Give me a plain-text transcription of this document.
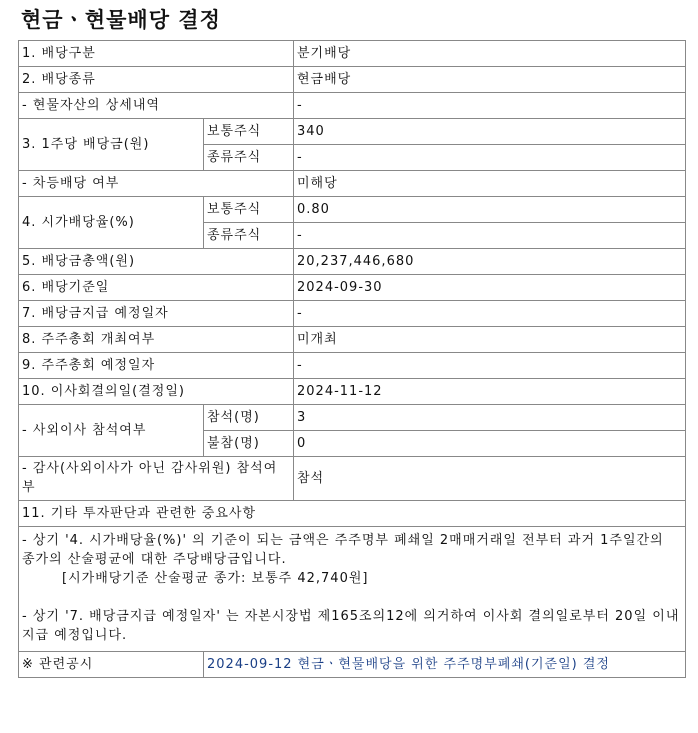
현금ㆍ현물배당 결정
1. 배당구분		분기배당
2. 배당종류		현금배당
- 현물자산의 상세내역		-
3. 1주당 배당금(원)	보통주식	340
	종류주식	-
- 차등배당 여부		미해당
4. 시가배당율(%)	보통주식	0.80
	종류주식	-
5. 배당금총액(원)		20,237,446,680
6. 배당기준일		2024-09-30
7. 배당금지급 예정일자		-
8. 주주총회 개최여부		미개최
9. 주주총회 예정일자		-
10. 이사회결의일(결정일)		2024-11-12
- 사외이사 참석여부	참석(명)	3
	불참(명)	0
- 감사(사외이사가 아닌 감사위원) 참석여부		참석
11. 기타 투자판단과 관련한 중요사항		

- 상기 '4. 시가배당율(%)' 의 기준이 되는 금액은 주주명부 폐쇄일 2매매거래일 전부터 과거 1주일간의 종가의 산술평균에 대한 주당배당금입니다.
[시가배당기준 산술평균 종가: 보통주 42,740원]
- 상기 '7. 배당금지급 예정일자' 는 자본시장법 제165조의12에 의거하여 이사회 결의일로부터 20일 이내 지급 예정입니다.		

※ 관련공시	2024-09-12 현금ㆍ현물배당을 위한 주주명부폐쇄(기준일) 결정	
